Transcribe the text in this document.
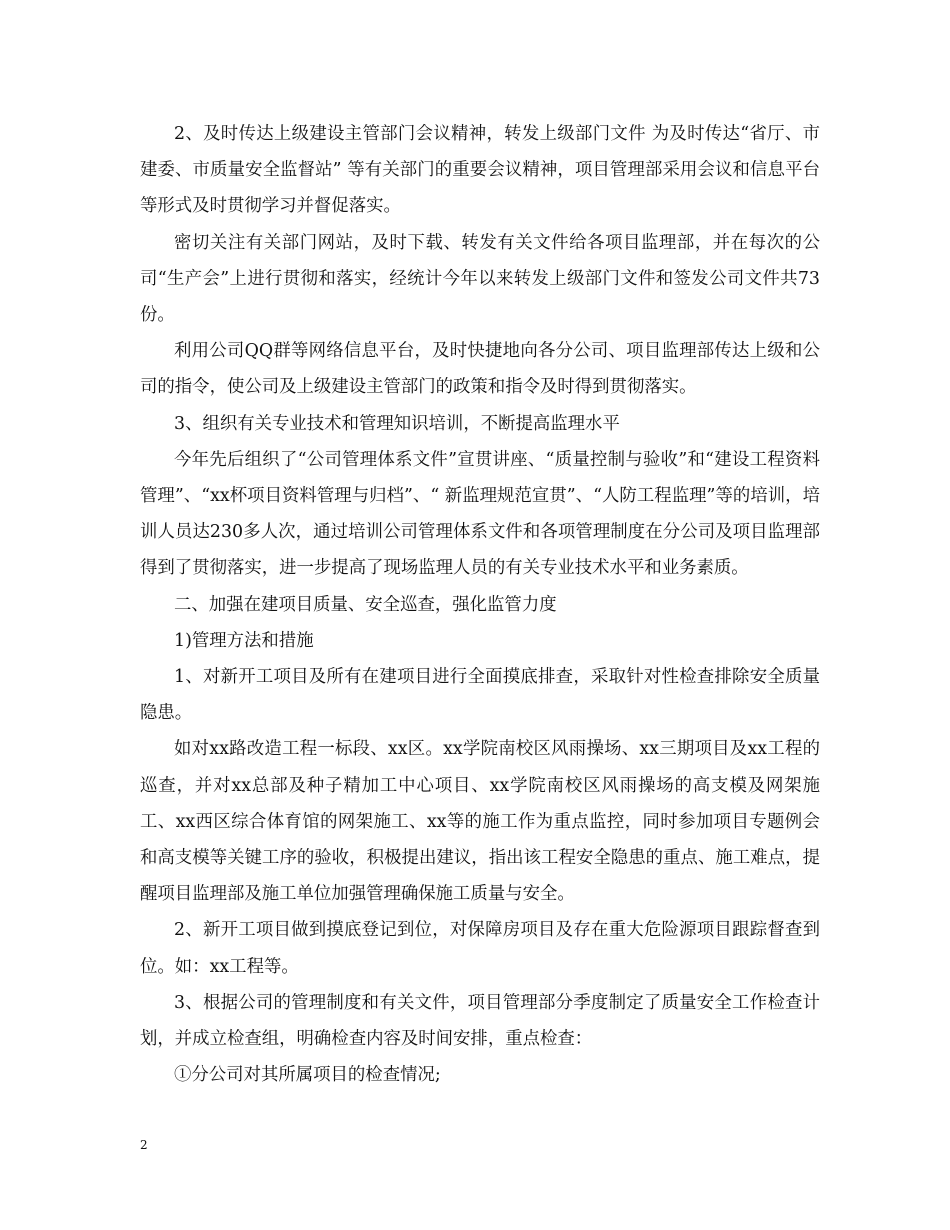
2、及时传达上级建设主管部门会议精神，转发上级部门文件 为及时传达“省厅、市建委、市质量安全监督站” 等有关部门的重要会议精神，项目管理部采用会议和信息平台等形式及时贯彻学习并督促落实。

密切关注有关部门网站，及时下载、转发有关文件给各项目监理部，并在每次的公司“生产会”上进行贯彻和落实，经统计今年以来转发上级部门文件和签发公司文件共73份。

利用公司QQ群等网络信息平台，及时快捷地向各分公司、项目监理部传达上级和公司的指令，使公司及上级建设主管部门的政策和指令及时得到贯彻落实。

3、组织有关专业技术和管理知识培训，不断提高监理水平

今年先后组织了“公司管理体系文件”宣贯讲座、“质量控制与验收”和“建设工程资料管理”、“xx杯项目资料管理与归档”、“ 新监理规范宣贯”、“人防工程监理”等的培训，培训人员达230多人次，通过培训公司管理体系文件和各项管理制度在分公司及项目监理部得到了贯彻落实，进一步提高了现场监理人员的有关专业技术水平和业务素质。

二、加强在建项目质量、安全巡查，强化监管力度

1)管理方法和措施

1、对新开工项目及所有在建项目进行全面摸底排查，采取针对性检查排除安全质量隐患。

如对xx路改造工程一标段、xx区。xx学院南校区风雨操场、xx三期项目及xx工程的巡查，并对xx总部及种子精加工中心项目、xx学院南校区风雨操场的高支模及网架施工、xx西区综合体育馆的网架施工、xx等的施工作为重点监控，同时参加项目专题例会和高支模等关键工序的验收，积极提出建议，指出该工程安全隐患的重点、施工难点，提醒项目监理部及施工单位加强管理确保施工质量与安全。

2、新开工项目做到摸底登记到位，对保障房项目及存在重大危险源项目跟踪督查到位。如：xx工程等。

3、根据公司的管理制度和有关文件，项目管理部分季度制定了质量安全工作检查计划，并成立检查组，明确检查内容及时间安排，重点检查：

①分公司对其所属项目的检查情况;

2
